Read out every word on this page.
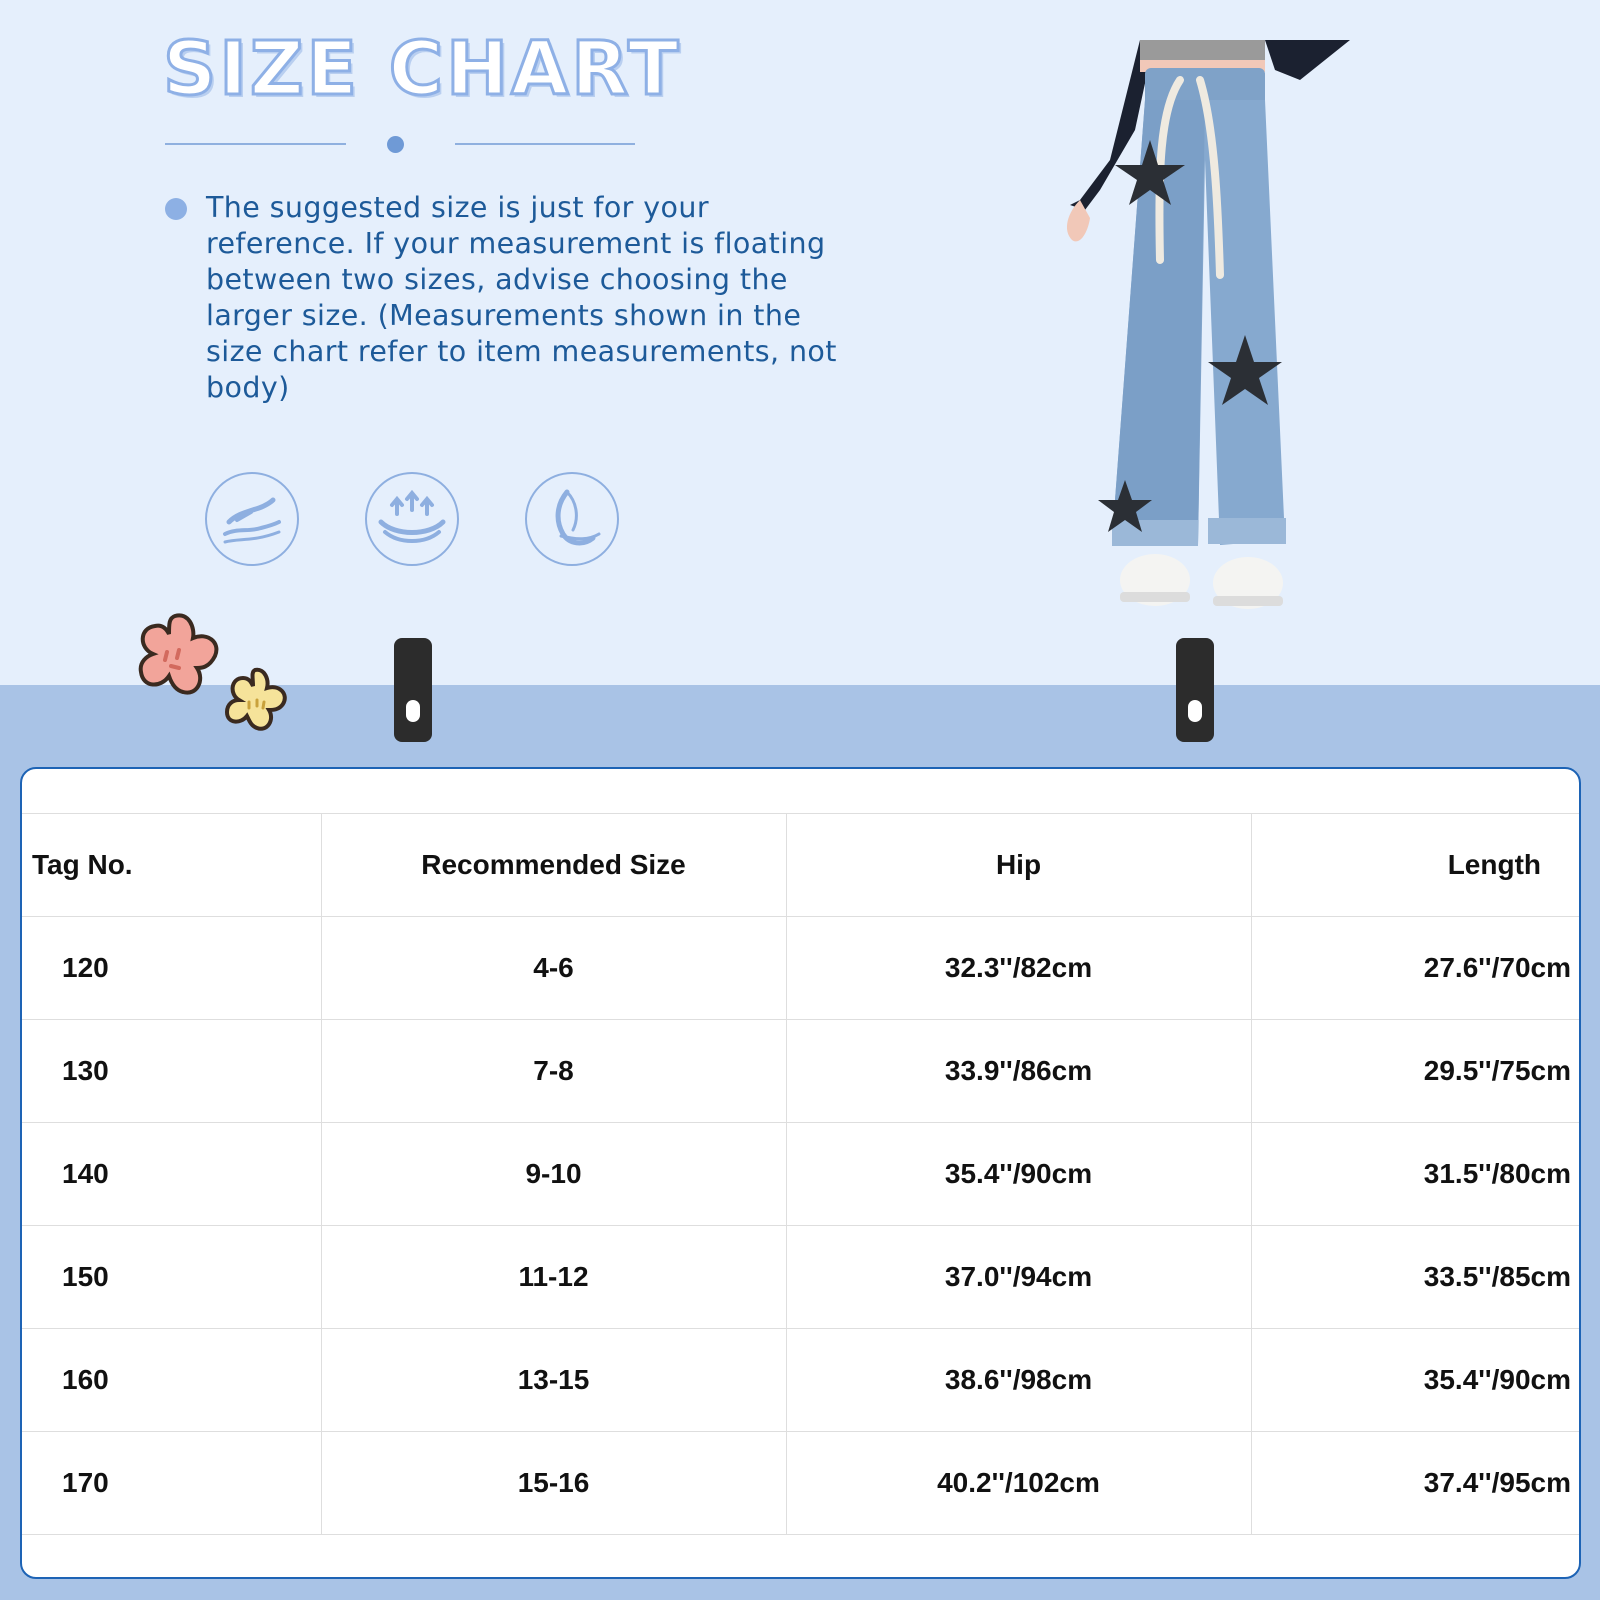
SIZE CHART
The suggested size is just for your
reference. If your measurement is floating between two sizes, advise choosing the larger size. (Measurements shown in the size chart refer to item measurements, not body)
Tag No.	Recommended Size	Hip	Length
120	4-6	32.3''/82cm	27.6''/70cm
130	7-8	33.9''/86cm	29.5''/75cm
140	9-10	35.4''/90cm	31.5''/80cm
150	11-12	37.0''/94cm	33.5''/85cm
160	13-15	38.6''/98cm	35.4''/90cm
170	15-16	40.2''/102cm	37.4''/95cm
